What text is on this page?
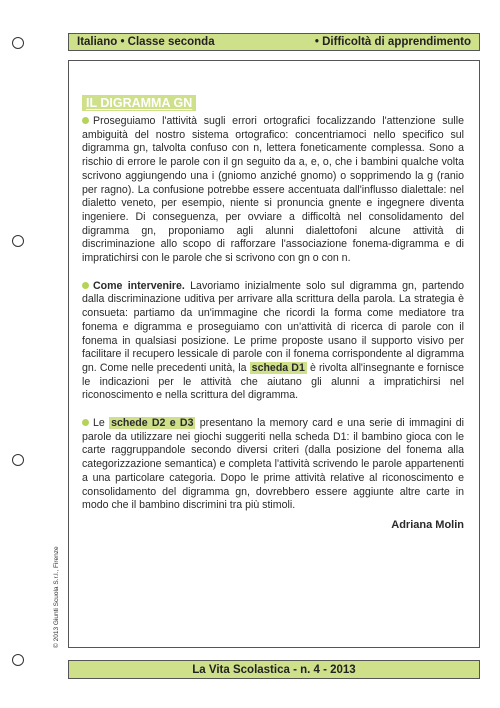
Italiano • Classe seconda	• Difficoltà di apprendimento
IL DIGRAMMA GN

Proseguiamo l'attività sugli errori ortografici focalizzando l'attenzione sulle ambiguità del nostro sistema ortografico: concentriamoci nello specifico sul digramma gn, talvolta confuso con n, lettera foneticamente complessa. Sono a rischio di errore le parole con il gn seguito da a, e, o, che i bambini qualche volta scrivono aggiungendo una i (gniomo anziché gnomo) o sopprimendo la g (ranio per ragno). La confusione potrebbe essere accentuata dall'influsso dialettale: nel dialetto veneto, per esempio, niente si pronuncia gnente e ingegnere diventa ingeniere. Di conseguenza, per ovviare a difficoltà nel consolidamento del digramma gn, proponiamo agli alunni dialettofoni alcune attività di discriminazione allo scopo di rafforzare l'associazione fonema-digramma e di impratichirsi con le parole che si scrivono con gn o con n.

Come intervenire. Lavoriamo inizialmente solo sul digramma gn, partendo dalla discriminazione uditiva per arrivare alla scrittura della parola. La strategia è consueta: partiamo da un'immagine che ricordi la forma come mediatore tra fonema e digramma e proseguiamo con un'attività di ricerca di parole con il fonema in qualsiasi posizione. Le prime proposte usano il supporto visivo per facilitare il recupero lessicale di parole con il fonema corrispondente al digramma gn. Come nelle precedenti unità, la scheda D1 è rivolta all'insegnante e fornisce le indicazioni per le attività che aiutano gli alunni a impratichirsi nel riconoscimento e nella scrittura del digramma.

Le schede D2 e D3 presentano la memory card e una serie di immagini di parole da utilizzare nei giochi suggeriti nella scheda D1: il bambino gioca con le carte raggruppandole secondo diversi criteri (dalla posizione del fonema alla categorizzazione semantica) e completa l'attività scrivendo le parole appartenenti a una particolare categoria. Dopo le prime attività relative al riconoscimento e consolidamento del digramma gn, dovrebbero essere aggiunte altre carte in modo che il bambino discrimini tra più stimoli.

Adriana Molin
© 2013 Giunti Scuola S.r.l., Firenze
La Vita Scolastica - n. 4 - 2013
